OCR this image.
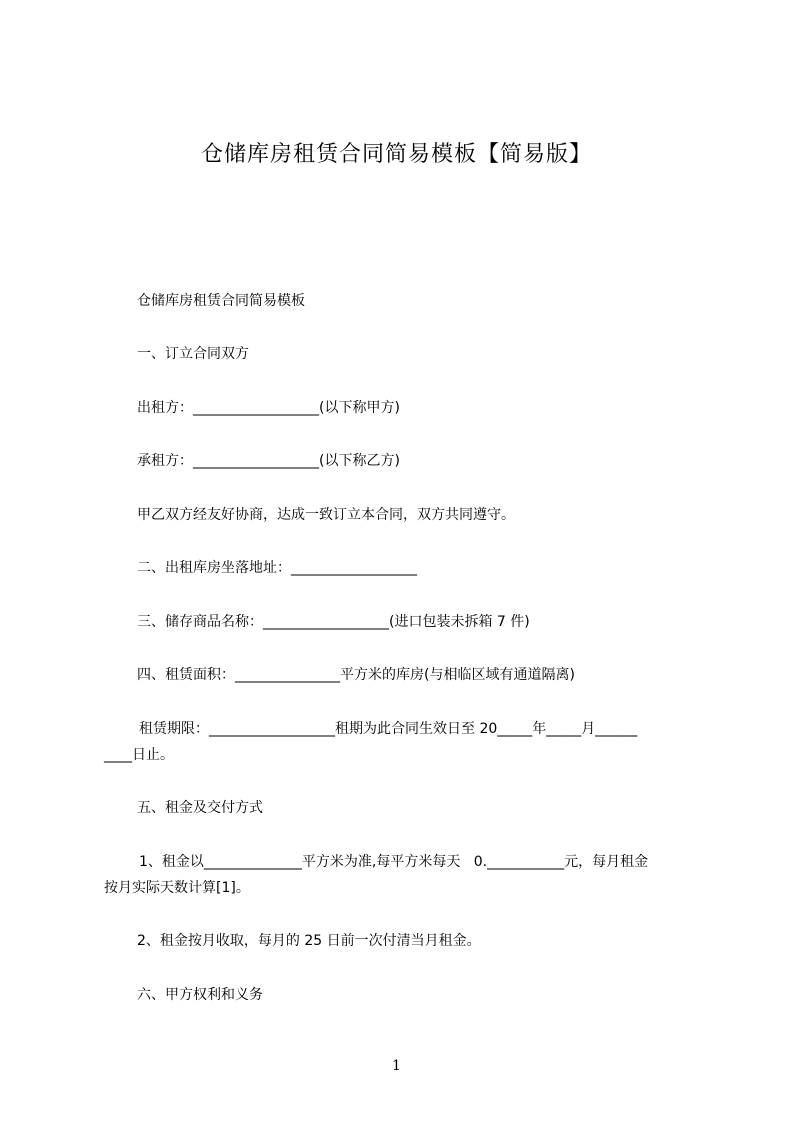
仓储库房租赁合同简易模板【简易版】
仓储库房租赁合同简易模板
一、订立合同双方
出租方：__________________(以下称甲方)
承租方：__________________(以下称乙方)
甲乙双方经友好协商，达成一致订立本合同，双方共同遵守。
二、出租库房坐落地址：__________________
三、储存商品名称：__________________(进口包装未拆箱 7 件)
四、租赁面积：_______________平方米的库房(与相临区域有通道隔离)
租赁期限：__________________租期为此合同生效日至 20_____年_____月______
____日止。
五、租金及交付方式
1、租金以______________平方米为准,每平方米每天   0.___________元，每月租金
按月实际天数计算[1]。
2、租金按月收取，每月的 25 日前一次付清当月租金。
六、甲方权利和义务
1
